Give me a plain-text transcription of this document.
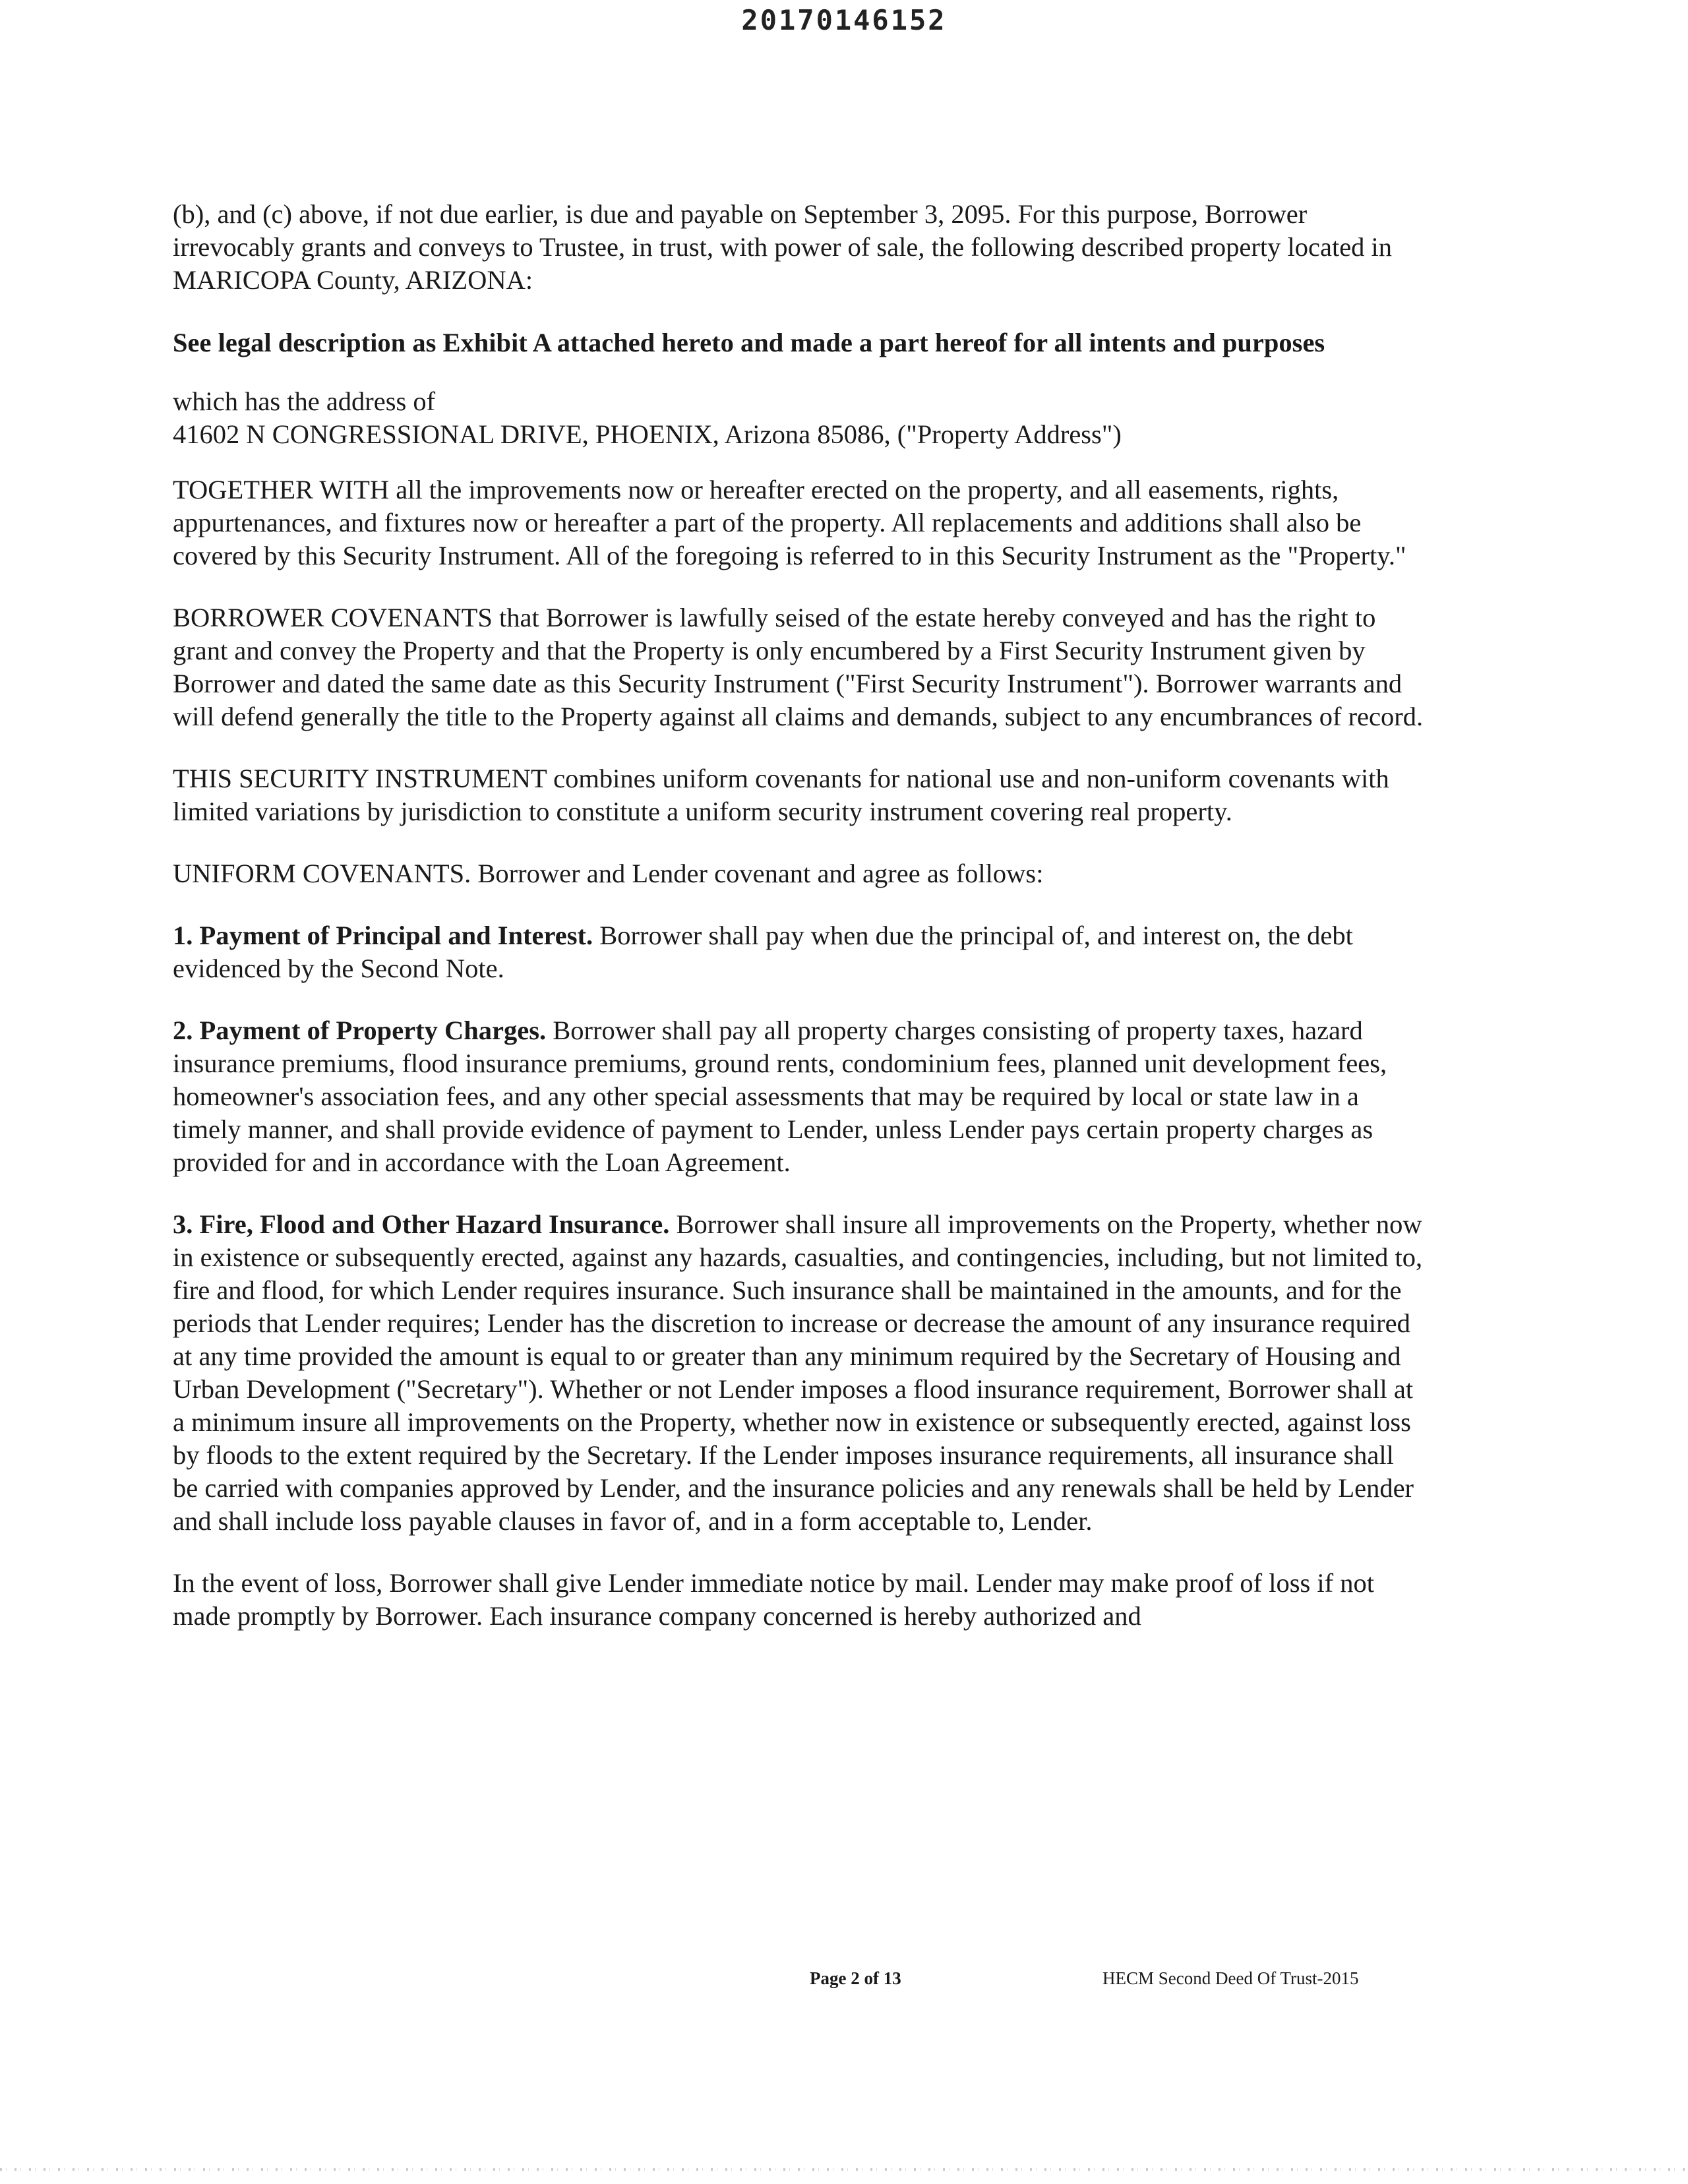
20170146152

(b), and (c) above, if not due earlier, is due and payable on September 3, 2095. For this purpose, Borrower irrevocably grants and conveys to Trustee, in trust, with power of sale, the following described property located in MARICOPA County, ARIZONA:

See legal description as Exhibit A attached hereto and made a part hereof for all intents and purposes

which has the address of
41602 N CONGRESSIONAL DRIVE, PHOENIX, Arizona 85086, ("Property Address")

TOGETHER WITH all the improvements now or hereafter erected on the property, and all easements, rights, appurtenances, and fixtures now or hereafter a part of the property. All replacements and additions shall also be covered by this Security Instrument. All of the foregoing is referred to in this Security Instrument as the "Property."

BORROWER COVENANTS that Borrower is lawfully seised of the estate hereby conveyed and has the right to grant and convey the Property and that the Property is only encumbered by a First Security Instrument given by Borrower and dated the same date as this Security Instrument ("First Security Instrument"). Borrower warrants and will defend generally the title to the Property against all claims and demands, subject to any encumbrances of record.

THIS SECURITY INSTRUMENT combines uniform covenants for national use and non-uniform covenants with limited variations by jurisdiction to constitute a uniform security instrument covering real property.

UNIFORM COVENANTS. Borrower and Lender covenant and agree as follows:

1. Payment of Principal and Interest. Borrower shall pay when due the principal of, and interest on, the debt evidenced by the Second Note.

2. Payment of Property Charges. Borrower shall pay all property charges consisting of property taxes, hazard insurance premiums, flood insurance premiums, ground rents, condominium fees, planned unit development fees, homeowner's association fees, and any other special assessments that may be required by local or state law in a timely manner, and shall provide evidence of payment to Lender, unless Lender pays certain property charges as provided for and in accordance with the Loan Agreement.

3. Fire, Flood and Other Hazard Insurance. Borrower shall insure all improvements on the Property, whether now in existence or subsequently erected, against any hazards, casualties, and contingencies, including, but not limited to, fire and flood, for which Lender requires insurance. Such insurance shall be maintained in the amounts, and for the periods that Lender requires; Lender has the discretion to increase or decrease the amount of any insurance required at any time provided the amount is equal to or greater than any minimum required by the Secretary of Housing and Urban Development ("Secretary"). Whether or not Lender imposes a flood insurance requirement, Borrower shall at a minimum insure all improvements on the Property, whether now in existence or subsequently erected, against loss by floods to the extent required by the Secretary. If the Lender imposes insurance requirements, all insurance shall be carried with companies approved by Lender, and the insurance policies and any renewals shall be held by Lender and shall include loss payable clauses in favor of, and in a form acceptable to, Lender.

In the event of loss, Borrower shall give Lender immediate notice by mail. Lender may make proof of loss if not made promptly by Borrower. Each insurance company concerned is hereby authorized and

Page 2 of 13	HECM Second Deed Of Trust-2015
